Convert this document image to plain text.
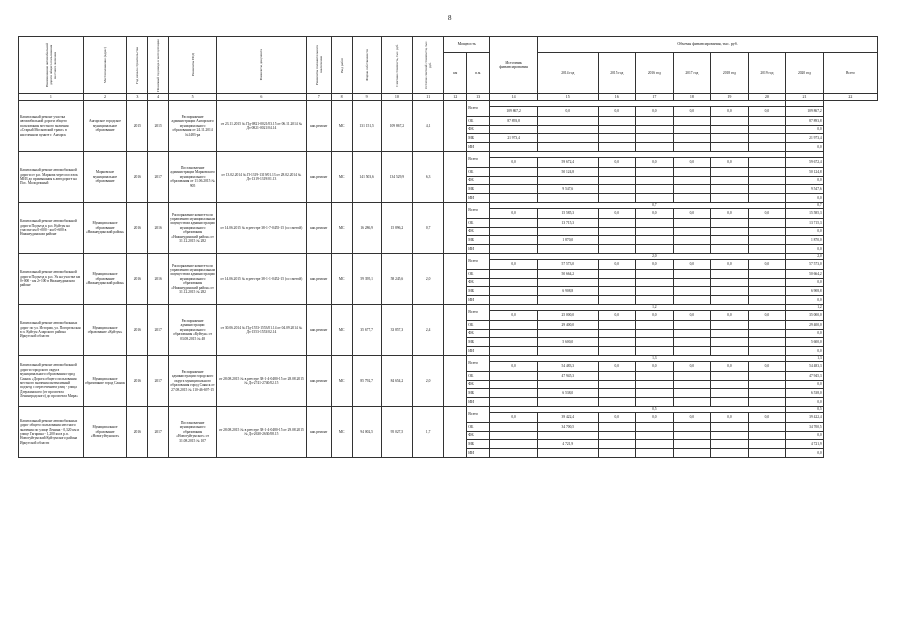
8
Наименование автомобильной дороги общего пользования местного значения	Местоположение (адрес)	Год начала строительства	Плановый год ввода в эксплуатацию	Реквизиты ПСД	Реквизиты документа	Реквизиты положительного заключения	Вид работ	Форма собственности	Сметная стоимость, тыс. руб.	Остаток сметной стоимости, тыс. руб.	Мощность		Источник финансирования	Объемы финансирования, тыс. руб.								
											км	п.м.		2014 год	2015 год	2016 год	2017 год	2018 год	2019 год	2020 год	Всего	
1	2	3	4	5	6	7	8	9	10	11	12	13	14	15	16	17	18	19	20	21	22	
Капитальный ремонт участка автомобильной дороги общего пользования местного значения «Старый Московский тракт» в населенном пункте г. Ангарск	Ангарское городское муниципальное образование	2015	2015	Распоряжение администрации Ангарского муниципального образования от 24.11.2014 №1483-ра	от 23.11.2015 № Пд-0821-0021/03.15 от 06.11.2014 № Дз-0821-0021/04.14	кап.ремонт	МС	131 151,5	109 867,2	4,1		Всего										
													109 867,2	0,0	0,0	0,0	0,0	0,0	0,0	109 867,2		
												ОБ	87 893,8							87 893,8		
												ФБ								0,0		
												МБ	21 973,4							21 973,4		
												ИИ								0,0		
Капитальный ремонт автомобильной дороги от р.п. Маркова через поселок МИЗ до примыкания к автодороге на Пос. Молодежный	Марковское муниципальное образование	2016	2017	Постановление администрации Марковского муниципального образования от 11.06.2015 № 905	от 13.02.2014 № П-1319-1319/01.13 от 28.02.2014 № Дз-1319-1319/01.13	кап.ремонт	МС	141 503,6	134 529,9	6,3		Всего										
													0,0	59 672,4	0,0	0,0	0,0	0,0		59 672,4		
												ОБ		50 124,8						50 124,8		
												ФБ								0,0		
												МБ		9 547,6						9 547,6		
												ИИ								0,0		
Капитальный ремонт автомобильной дороги Подъезд к р.п. Куйтун на участке км 0+000 - км 0+600 в Нижнеудинском районе	Муниципальное образование «Нижнеудинский район»	2016	2016	Распоряжение комитета по управлению муниципальным имуществом администрации муниципального образования «Нижнеудинский район» от 31.12.2015 № 282	от 14.06.2015 № в реестре 38-1-7-0455-15 (со сметой)	кап.ремонт	МС	16 286,9	15 896,2	0,7		Всего				0,7				0,7		
													0,0	15 585,3	0,0	0,0	0,0	0,0	0,0	15 585,3		
												ОБ		13 715,3						13 715,3		
												ФБ								0,0		
												МБ		1 870,0						1 870,0		
												ИИ								0,0		
Капитальный ремонт автомобильной дороги Подъезд к р.п. Ук на участке км 0+000 - км 2+100 в Нижнеудинском районе	Муниципальное образование «Нижнеудинский район»	2016	2016	Распоряжение комитета по управлению муниципальным имуществом администрации муниципального образования «Нижнеудинский район» от 31.12.2015 № 282	от 14.06.2015 № в реестре 38-1-1-0452-15 (со сметой)	кап.ремонт	МС	59 395,1	58 245,6	2,0		Всего				2,0				2,0		
													0,0	57 573,0	0,0	0,0	0,0	0,0	0,0	57 573,0		
												ОБ		50 664,2						50 664,2		
												ФБ								0,0		
												МБ		6 908,8						6 908,8		
												ИИ								0,0		
Капитальный ремонт автомобильных дорог по ул. Истории, ул. Погорельская в п. Куйтун Аларского района Иркутской области	Муниципальное образование «Куйтун»	2016	2017	Распоряжение администрации муниципального образования «Куйтун» от 03.08.2015 № 48	от 30.06.2014 № Пд-1553-1553/01.14 от 04.09.2014 № Дз-1553-1553/02.14	кап.ремонт	МС	35 677,7	33 857,3	2,4		Всего				1,2				1,2		
													0,0	25 000,0	0,0	0,0	0,0	0,0	0,0	35 000,0		
												ОБ		29 400,0						29 400,0		
												ФБ								0,0		
												МБ		5 600,0						5 600,0		
												ИИ								0,0		
Капитальный ремонт автомобильной дороги городского округа муниципального образования город Саянск «Дорога общего пользования местного значения интенсивный подъезд с пересечением улиц - улица Дзержинского (от проспекта Ленинградского) до проспекта Мира»	Муниципальное образование город Саянск	2016	2017	Распоряжение администрации городского округа муниципального образования город Саянск от 27.08.2015 № 110-46-697-15	от 28.08.2015 № в реестре 38-1-4-0480-15 от 28.08.2015 № Дз-2741-2740/02.15	кап.ремонт	МС	85 792,7	84 654,2	2,0		Всего				1,3				1,3		
													0,0	54 483,3	0,0	0,0	0,0	0,0	0,0	54 483,3		
												ОБ		47 945,3						47 945,3		
												ФБ								0,0		
												МБ		6 538,0						6 538,0		
												ИИ								0,0		
Капитальный ремонт автомобильных дорог общего пользования местного значения по улице Ленина - 0,320 км и улице Гагарина - 1,200 км в р.п. Новогуйтунский Куйтунского района Иркутской области	Муниципальное образование «Новогуйтунское»	2016	2017	Постановление муниципального образования «Новогуйтунское» от 31.08.2015 № 107	от 28.08.2015 № в реестре 38-1-4-0480-15 от 29.08.2015 № Дз-2630-2630/08.15	кап.ремонт	МС	94 002,5	95 027,5	1,7		Всего				0,5				0,5		
													0,0	39 422,4	0,0	0,0	0,0	0,0	0,0	39 422,4		
												ОБ		34 700,5						34 700,5		
												ФБ								0,0		
												МБ		4 721,9						4 721,9		
												ИИ								0,0		
